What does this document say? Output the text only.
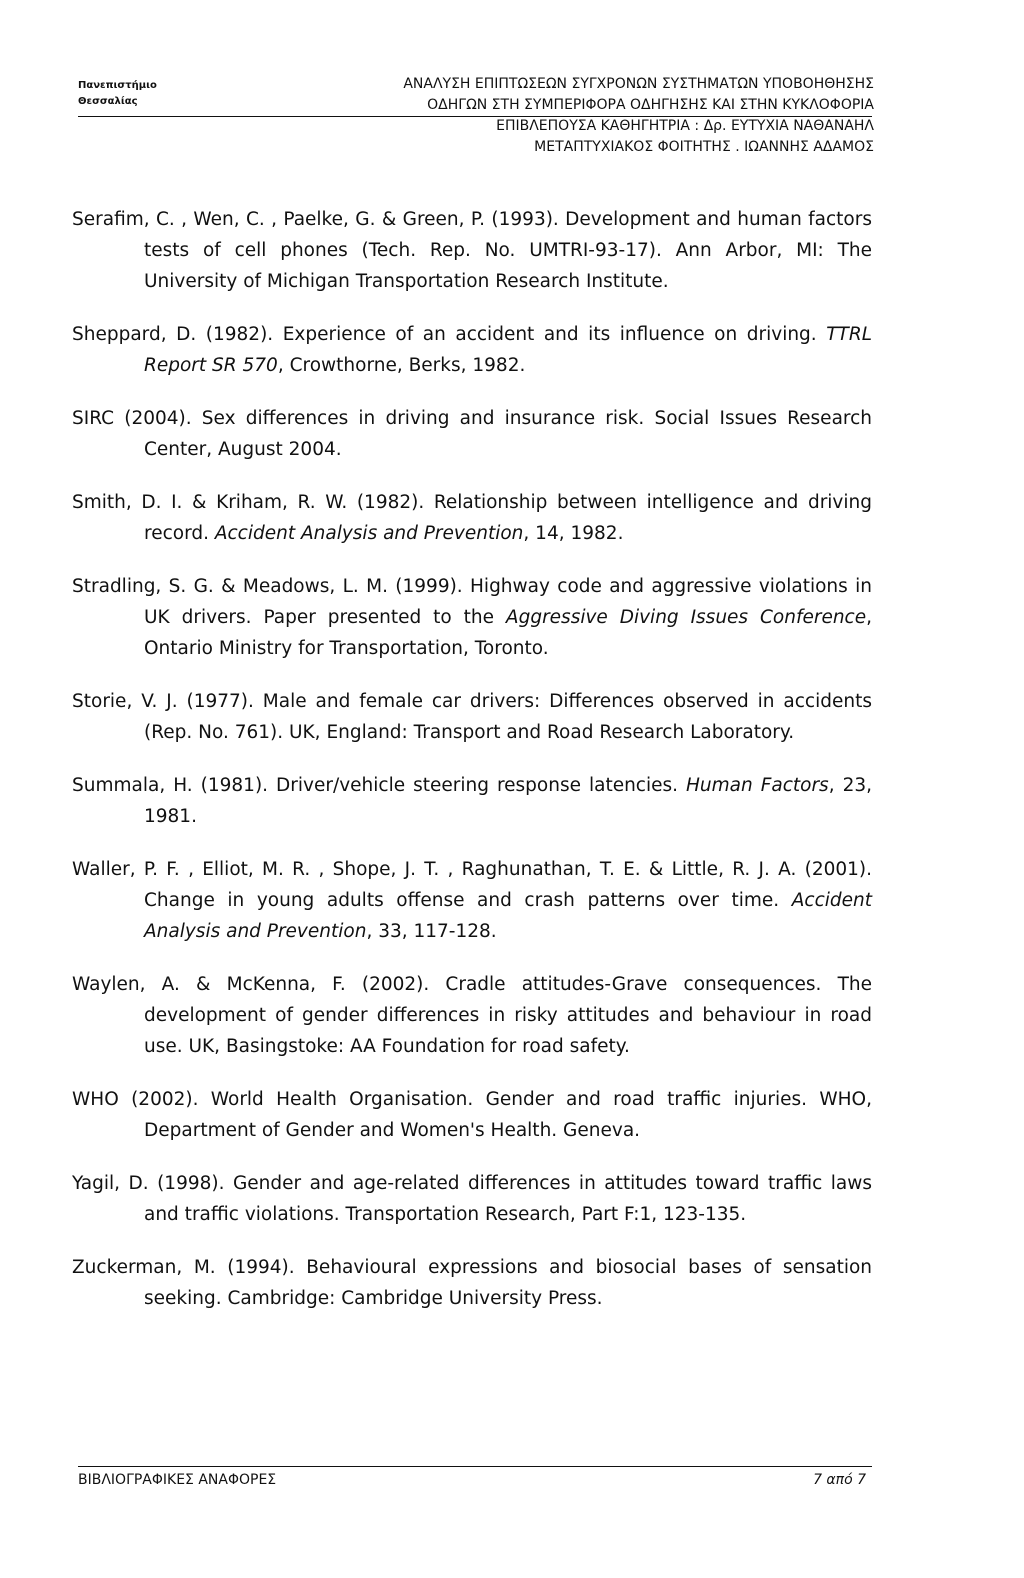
Πανεπιστήμιο
Θεσσαλίας
ΑΝΑΛΥΣΗ ΕΠΙΠΤΩΣΕΩΝ ΣΥΓΧΡΟΝΩΝ ΣΥΣΤΗΜΑΤΩΝ ΥΠΟΒΟΗΘΗΣΗΣ
ΟΔΗΓΩΝ ΣΤΗ ΣΥΜΠΕΡΙΦΟΡΑ ΟΔΗΓΗΣΗΣ ΚΑΙ ΣΤΗΝ ΚΥΚΛΟΦΟΡΙΑ
ΕΠΙΒΛΕΠΟΥΣΑ ΚΑΘΗΓΗΤΡΙΑ : Δρ. ΕΥΤΥΧΙΑ ΝΑΘΑΝΑΗΛ
ΜΕΤΑΠΤΥΧΙΑΚΟΣ ΦΟΙΤΗΤΗΣ . ΙΩΑΝΝΗΣ ΑΔΑΜΟΣ

Serafim, C. , Wen, C. , Paelke, G. & Green, P. (1993). Development and human factors tests of cell phones (Tech. Rep. No. UMTRI-93-17). Ann Arbor, MI: The University of Michigan Transportation Research Institute.

Sheppard, D. (1982). Experience of an accident and its influence on driving. TTRL Report SR 570, Crowthorne, Berks, 1982.

SIRC (2004). Sex differences in driving and insurance risk. Social Issues Research Center, August 2004.

Smith, D. I. & Kriham, R. W. (1982). Relationship between intelligence and driving record. Accident Analysis and Prevention, 14, 1982.

Stradling, S. G. & Meadows, L. M. (1999). Highway code and aggressive violations in UK drivers. Paper presented to the Aggressive Diving Issues Conference, Ontario Ministry for Transportation, Toronto.

Storie, V. J. (1977). Male and female car drivers: Differences observed in accidents (Rep. No. 761). UK, England: Transport and Road Research Laboratory.

Summala, H. (1981). Driver/vehicle steering response latencies. Human Factors, 23, 1981.

Waller, P. F. , Elliot, M. R. , Shope, J. T. , Raghunathan, T. E. & Little, R. J. A. (2001). Change in young adults offense and crash patterns over time. Accident Analysis and Prevention, 33, 117-128.

Waylen, A. & McKenna, F. (2002). Cradle attitudes-Grave consequences. The development of gender differences in risky attitudes and behaviour in road use. UK, Basingstoke: AA Foundation for road safety.

WHO (2002). World Health Organisation. Gender and road traffic injuries. WHO, Department of Gender and Women's Health. Geneva.

Yagil, D. (1998). Gender and age-related differences in attitudes toward traffic laws and traffic violations. Transportation Research, Part F:1, 123-135.

Zuckerman, M. (1994). Behavioural expressions and biosocial bases of sensation seeking. Cambridge: Cambridge University Press.

ΒΙΒΛΙΟΓΡΑΦΙΚΕΣ ΑΝΑΦΟΡΕΣ	7 από 7
